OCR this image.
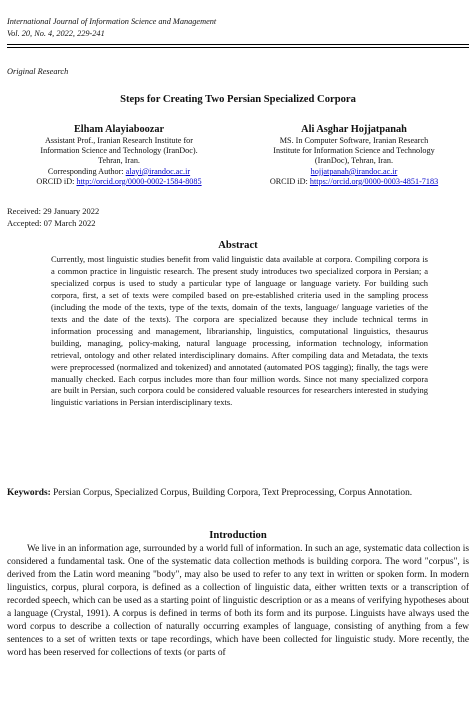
International Journal of Information Science and Management
Vol. 20, No. 4, 2022, 229-241
Original Research
Steps for Creating Two Persian Specialized Corpora
Elham Alayiaboozar
Assistant Prof., Iranian Research Institute for
Information Science and Technology (IranDoc).
Tehran, Iran.
Corresponding Author: alayi@irandoc.ac.ir
ORCID iD: http://orcid.org/0000-0002-1584-8085
Ali Asghar Hojjatpanah
MS. In Computer Software, Iranian Research
Institute for Information Science and Technology
(IranDoc), Tehran, Iran.
hojjatpanah@irandoc.ac.ir
ORCID iD: https://orcid.org/0000-0003-4851-7183
Received: 29 January 2022
Accepted: 07 March 2022
Abstract
Currently, most linguistic studies benefit from valid linguistic data available at corpora. Compiling corpora is a common practice in linguistic research. The present study introduces two specialized corpora in Persian; a specialized corpus is used to study a particular type of language or language variety. For building such corpora, first, a set of texts were compiled based on pre-established criteria used in the sampling process (including the mode of the texts, type of the texts, domain of the texts, language/ language varieties of the texts and the date of the texts). The corpora are specialized because they include technical terms in information processing and management, librarianship, linguistics, computational linguistics, thesaurus building, managing, policy-making, natural language processing, information technology, information retrieval, ontology and other related interdisciplinary domains. After compiling data and Metadata, the texts were preprocessed (normalized and tokenized) and annotated (automated POS tagging); finally, the tags were manually checked. Each corpus includes more than four million words. Since not many specialized corpora are built in Persian, such corpora could be considered valuable resources for researchers interested in studying linguistic variations in Persian interdisciplinary texts.
Keywords: Persian Corpus, Specialized Corpus, Building Corpora, Text Preprocessing, Corpus Annotation.
Introduction
We live in an information age, surrounded by a world full of information. In such an age, systematic data collection is considered a fundamental task. One of the systematic data collection methods is building corpora. The word "corpus", is derived from the Latin word meaning "body", may also be used to refer to any text in written or spoken form. In modern linguistics, corpus, plural corpora, is defined as a collection of linguistic data, either written texts or a transcription of recorded speech, which can be used as a starting point of linguistic description or as a means of verifying hypotheses about a language (Crystal, 1991). A corpus is defined in terms of both its form and its purpose. Linguists have always used the word corpus to describe a collection of naturally occurring examples of language, consisting of anything from a few sentences to a set of written texts or tape recordings, which have been collected for linguistic study. More recently, the word has been reserved for collections of texts (or parts of
